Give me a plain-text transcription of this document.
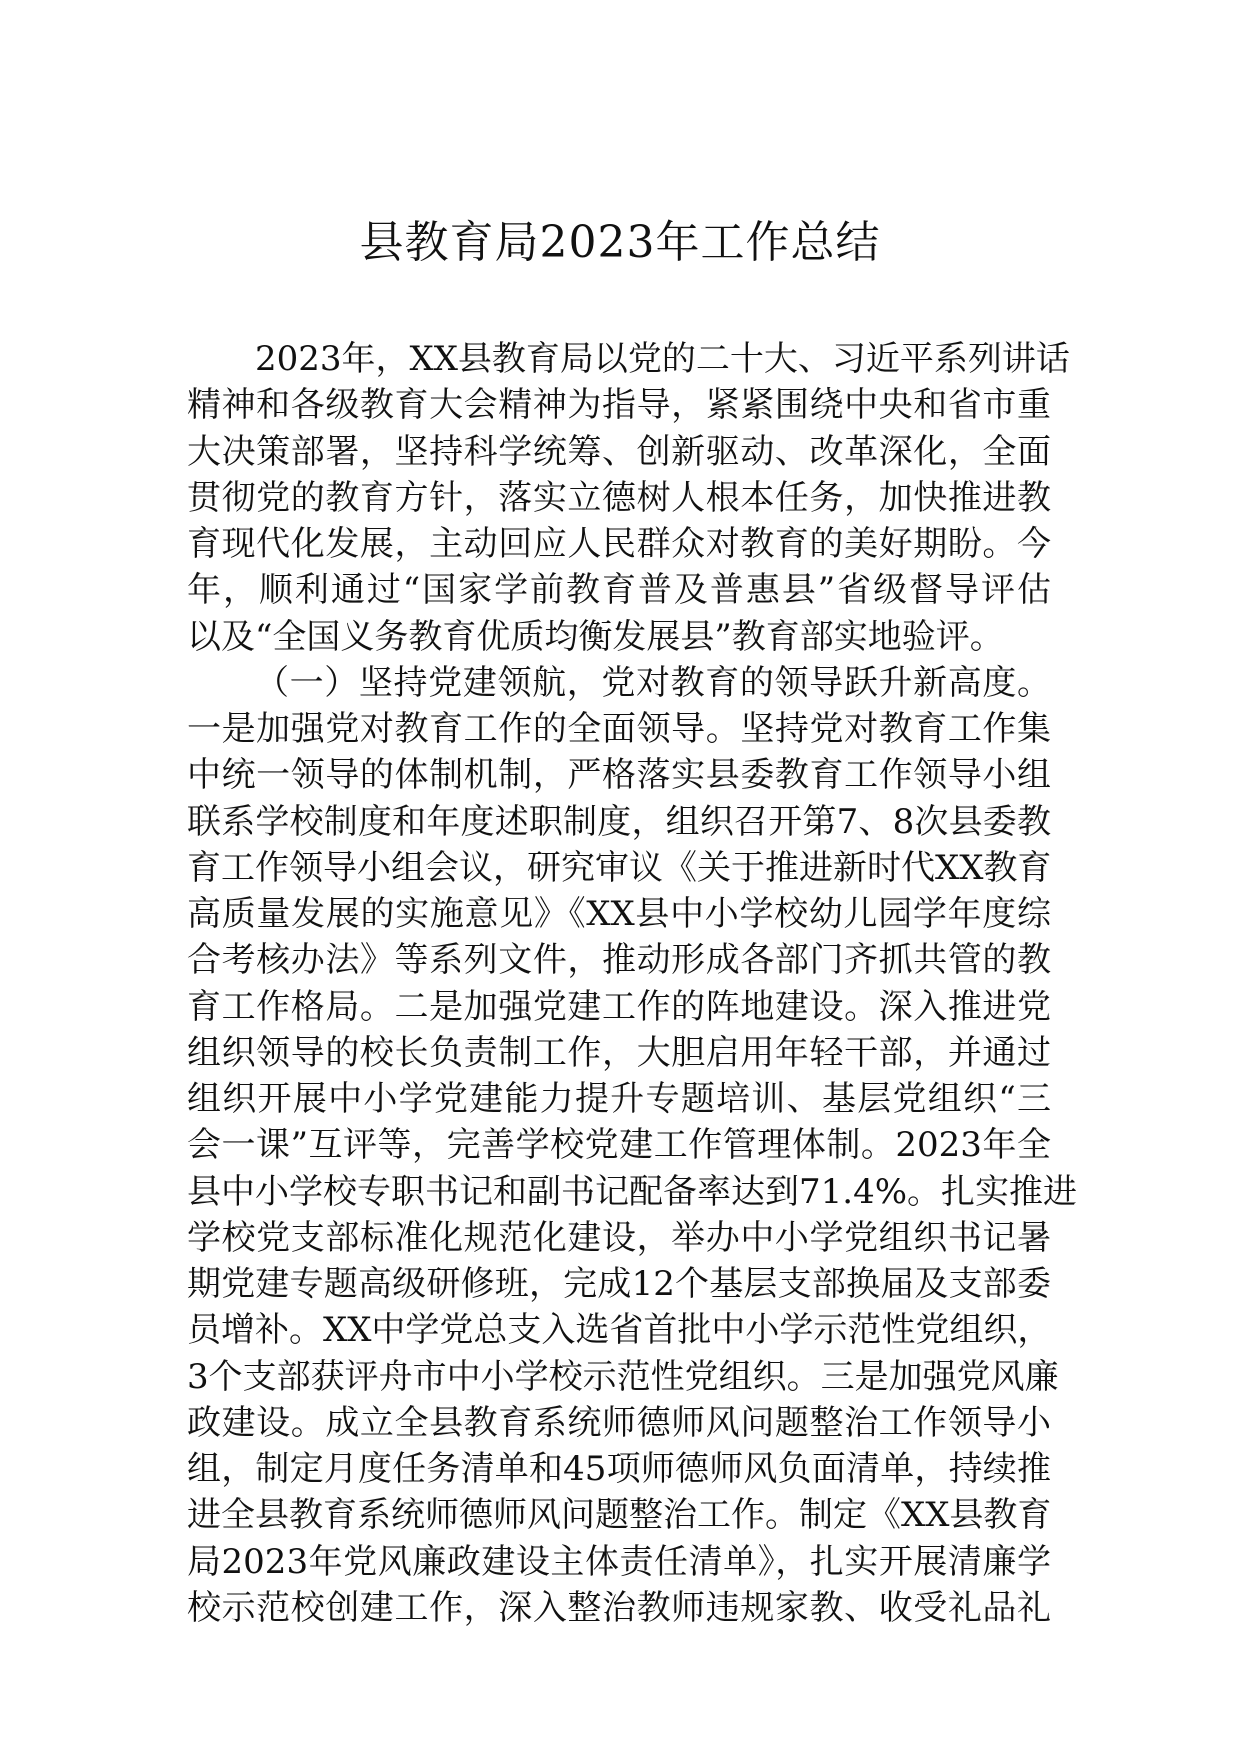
县教育局2023年工作总结
2023年，XX县教育局以党的二十大、习近平系列讲话
精神和各级教育大会精神为指导，紧紧围绕中央和省市重
大决策部署，坚持科学统筹、创新驱动、改革深化，全面
贯彻党的教育方针，落实立德树人根本任务，加快推进教
育现代化发展，主动回应人民群众对教育的美好期盼。今
年，顺利通过“国家学前教育普及普惠县”省级督导评估
以及“全国义务教育优质均衡发展县”教育部实地验评。
（一）坚持党建领航，党对教育的领导跃升新高度。
一是加强党对教育工作的全面领导。坚持党对教育工作集
中统一领导的体制机制，严格落实县委教育工作领导小组
联系学校制度和年度述职制度，组织召开第7、8次县委教
育工作领导小组会议，研究审议《关于推进新时代XX教育
高质量发展的实施意见》《XX县中小学校幼儿园学年度综
合考核办法》等系列文件，推动形成各部门齐抓共管的教
育工作格局。二是加强党建工作的阵地建设。深入推进党
组织领导的校长负责制工作，大胆启用年轻干部，并通过
组织开展中小学党建能力提升专题培训、基层党组织“三
会一课”互评等，完善学校党建工作管理体制。2023年全
县中小学校专职书记和副书记配备率达到71.4%。扎实推进
学校党支部标准化规范化建设，举办中小学党组织书记暑
期党建专题高级研修班，完成12个基层支部换届及支部委
员增补。XX中学党总支入选省首批中小学示范性党组织，
3个支部获评舟市中小学校示范性党组织。三是加强党风廉
政建设。成立全县教育系统师德师风问题整治工作领导小
组，制定月度任务清单和45项师德师风负面清单，持续推
进全县教育系统师德师风问题整治工作。制定《XX县教育
局2023年党风廉政建设主体责任清单》，扎实开展清廉学
校示范校创建工作，深入整治教师违规家教、收受礼品礼
